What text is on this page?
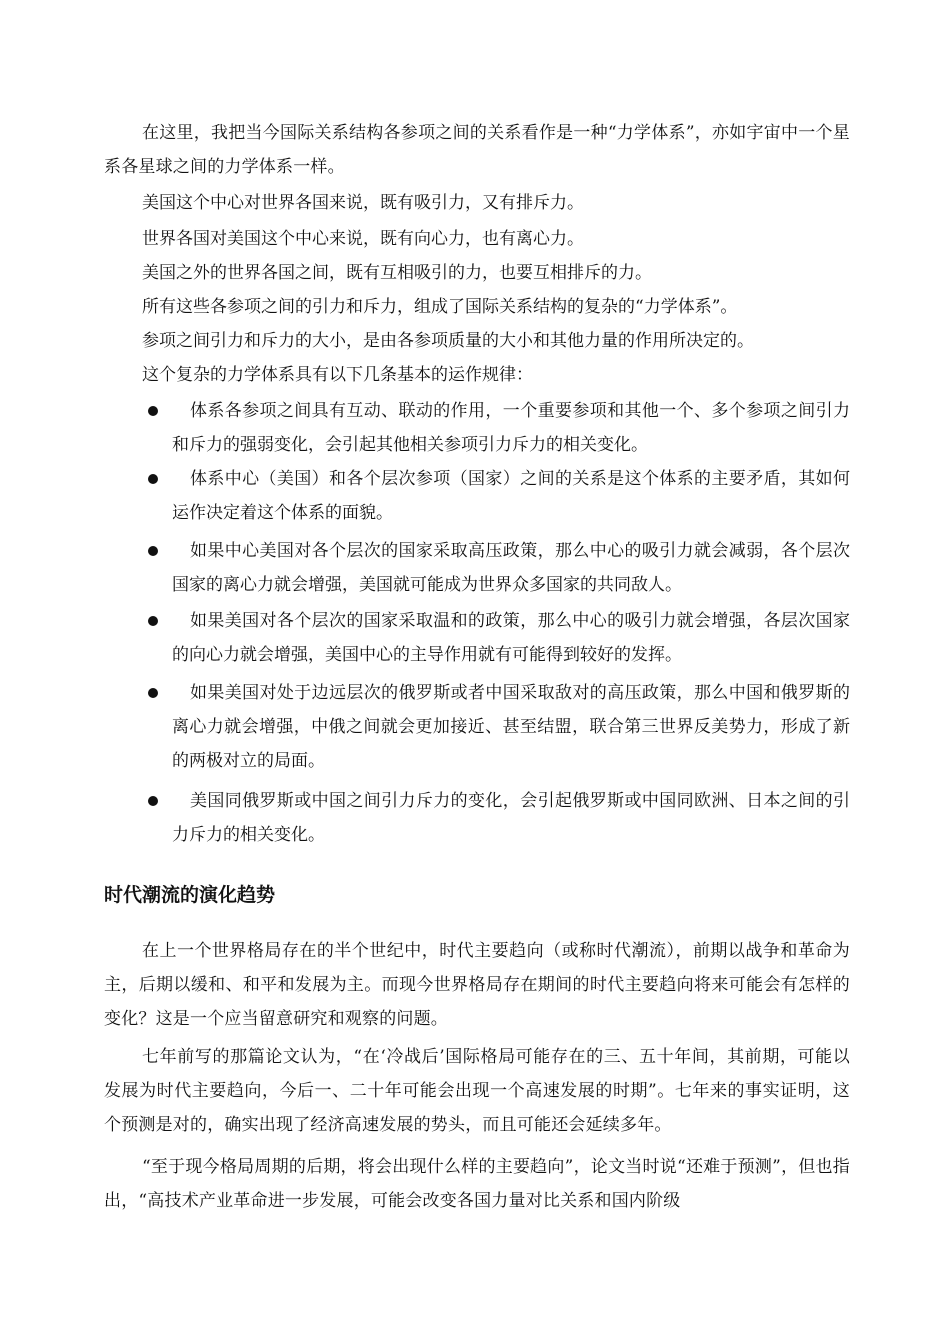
在这里，我把当今国际关系结构各参项之间的关系看作是一种“力学体系”，亦如宇宙中一个星系各星球之间的力学体系一样。

美国这个中心对世界各国来说，既有吸引力，又有排斥力。

世界各国对美国这个中心来说，既有向心力，也有离心力。

美国之外的世界各国之间，既有互相吸引的力，也要互相排斥的力。

所有这些各参项之间的引力和斥力，组成了国际关系结构的复杂的“力学体系”。

参项之间引力和斥力的大小，是由各参项质量的大小和其他力量的作用所决定的。

这个复杂的力学体系具有以下几条基本的运作规律：

体系各参项之间具有互动、联动的作用，一个重要参项和其他一个、多个参项之间引力和斥力的强弱变化，会引起其他相关参项引力斥力的相关变化。

体系中心（美国）和各个层次参项（国家）之间的关系是这个体系的主要矛盾，其如何运作决定着这个体系的面貌。

如果中心美国对各个层次的国家采取高压政策，那么中心的吸引力就会减弱，各个层次国家的离心力就会增强，美国就可能成为世界众多国家的共同敌人。

如果美国对各个层次的国家采取温和的政策，那么中心的吸引力就会增强，各层次国家的向心力就会增强，美国中心的主导作用就有可能得到较好的发挥。

如果美国对处于边远层次的俄罗斯或者中国采取敌对的高压政策，那么中国和俄罗斯的离心力就会增强，中俄之间就会更加接近、甚至结盟，联合第三世界反美势力，形成了新的两极对立的局面。

美国同俄罗斯或中国之间引力斥力的变化，会引起俄罗斯或中国同欧洲、日本之间的引力斥力的相关变化。

时代潮流的演化趋势

在上一个世界格局存在的半个世纪中，时代主要趋向（或称时代潮流），前期以战争和革命为主，后期以缓和、和平和发展为主。而现今世界格局存在期间的时代主要趋向将来可能会有怎样的变化？这是一个应当留意研究和观察的问题。

七年前写的那篇论文认为，“在‘冷战后’国际格局可能存在的三、五十年间，其前期，可能以发展为时代主要趋向，今后一、二十年可能会出现一个高速发展的时期”。七年来的事实证明，这个预测是对的，确实出现了经济高速发展的势头，而且可能还会延续多年。

“至于现今格局周期的后期，将会出现什么样的主要趋向”，论文当时说“还难于预测”，但也指出，“高技术产业革命进一步发展，可能会改变各国力量对比关系和国内阶级
